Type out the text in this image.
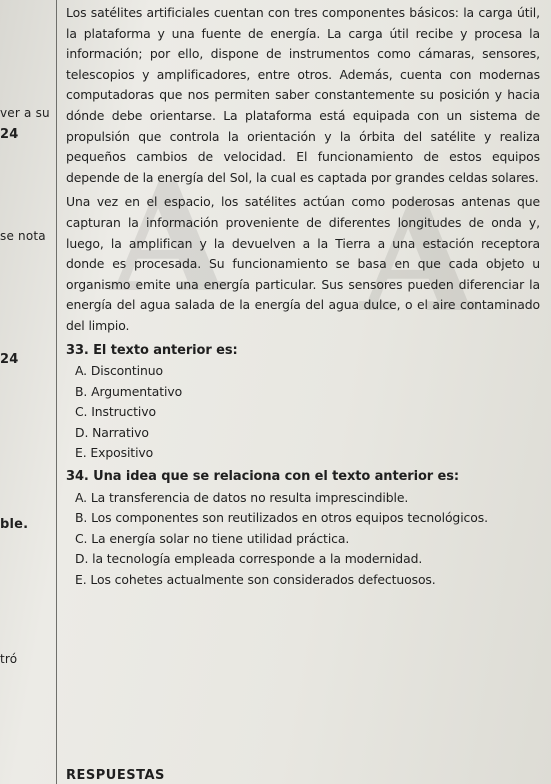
A A
ver a su
24
se nota
24
ble.
tró

Los satélites artificiales cuentan con tres componentes básicos: la carga útil, la plataforma y una fuente de energía. La carga útil recibe y procesa la información; por ello, dispone de instrumentos como cámaras, sensores, telescopios y amplificadores, entre otros. Además, cuenta con modernas computadoras que nos permiten saber constantemente su posición y hacia dónde debe orientarse. La plataforma está equipada con un sistema de propulsión que controla la orientación y la órbita del satélite y realiza pequeños cambios de velocidad. El funcionamiento de estos equipos depende de la energía del Sol, la cual es captada por grandes celdas solares.

Una vez en el espacio, los satélites actúan como poderosas antenas que capturan la información proveniente de diferentes longitudes de onda y, luego, la amplifican y la devuelven a la Tierra a una estación receptora donde es procesada. Su funcionamiento se basa en que cada objeto u organismo emite una energía particular. Sus sensores pueden diferenciar la energía del agua salada de la energía del agua dulce, o el aire contaminado del limpio.

33. El texto anterior es:
A. Discontinuo
B. Argumentativo
C. Instructivo
D. Narrativo
E. Expositivo
34. Una idea que se relaciona con el texto anterior es:
A. La transferencia de datos no resulta imprescindible.
B. Los componentes son reutilizados en otros equipos tecnológicos.
C. La energía solar no tiene utilidad práctica.
D. la tecnología empleada corresponde a la modernidad.
E. Los cohetes actualmente son considerados defectuosos.
RESPUESTAS
